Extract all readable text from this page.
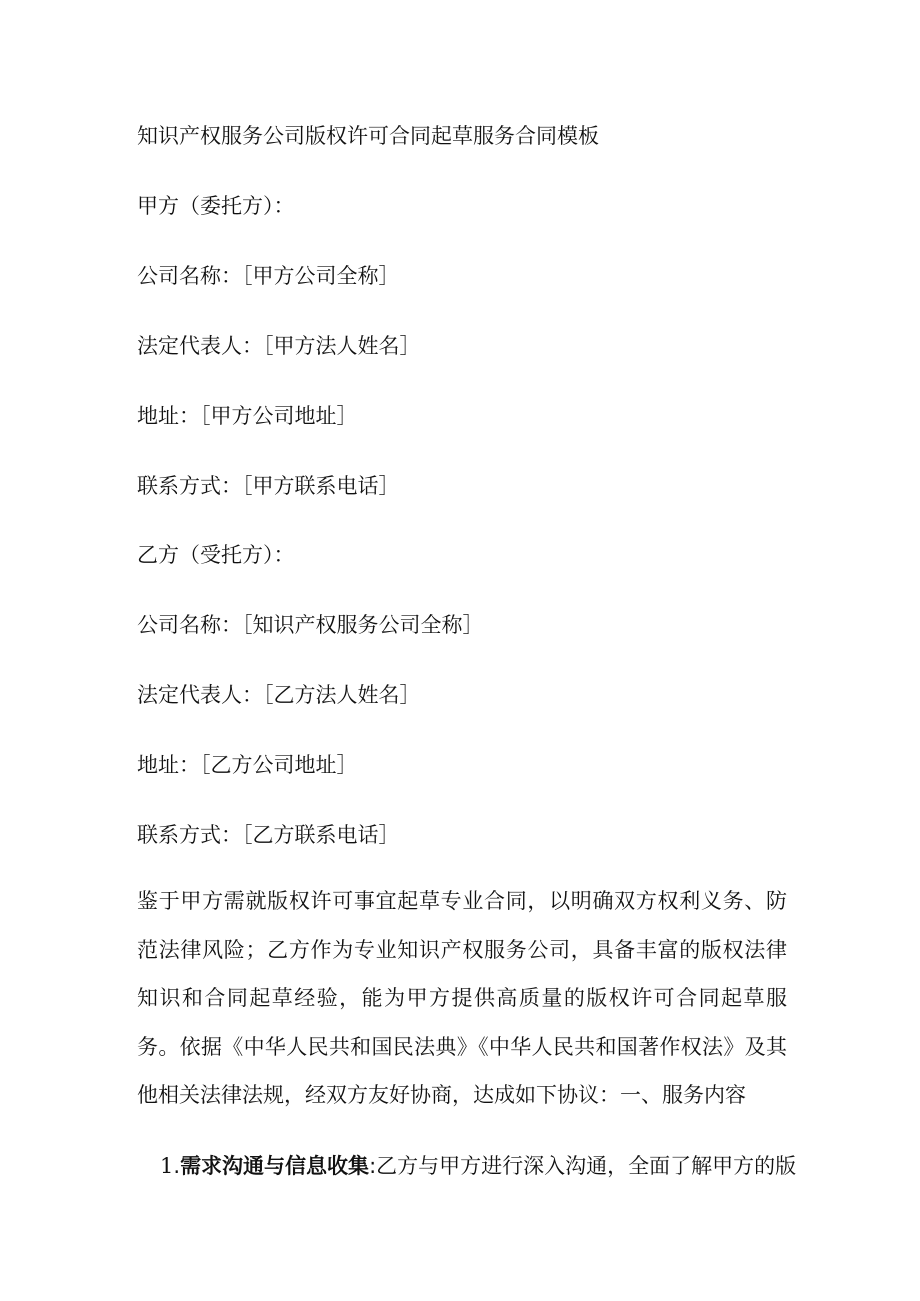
知识产权服务公司版权许可合同起草服务合同模板
甲方（委托方）：
公司名称：［甲方公司全称］
法定代表人：［甲方法人姓名］
地址：［甲方公司地址］
联系方式：［甲方联系电话］
乙方（受托方）：
公司名称：［知识产权服务公司全称］
法定代表人：［乙方法人姓名］
地址：［乙方公司地址］
联系方式：［乙方联系电话］
鉴于甲方需就版权许可事宜起草专业合同，以明确双方权利义务、防范法律风险；乙方作为专业知识产权服务公司，具备丰富的版权法律知识和合同起草经验，能为甲方提供高质量的版权许可合同起草服务。依据《中华人民共和国民法典》《中华人民共和国著作权法》及其他相关法律法规，经双方友好协商，达成如下协议：一、服务内容
1.需求沟通与信息收集:乙方与甲方进行深入沟通，全面了解甲方的版
